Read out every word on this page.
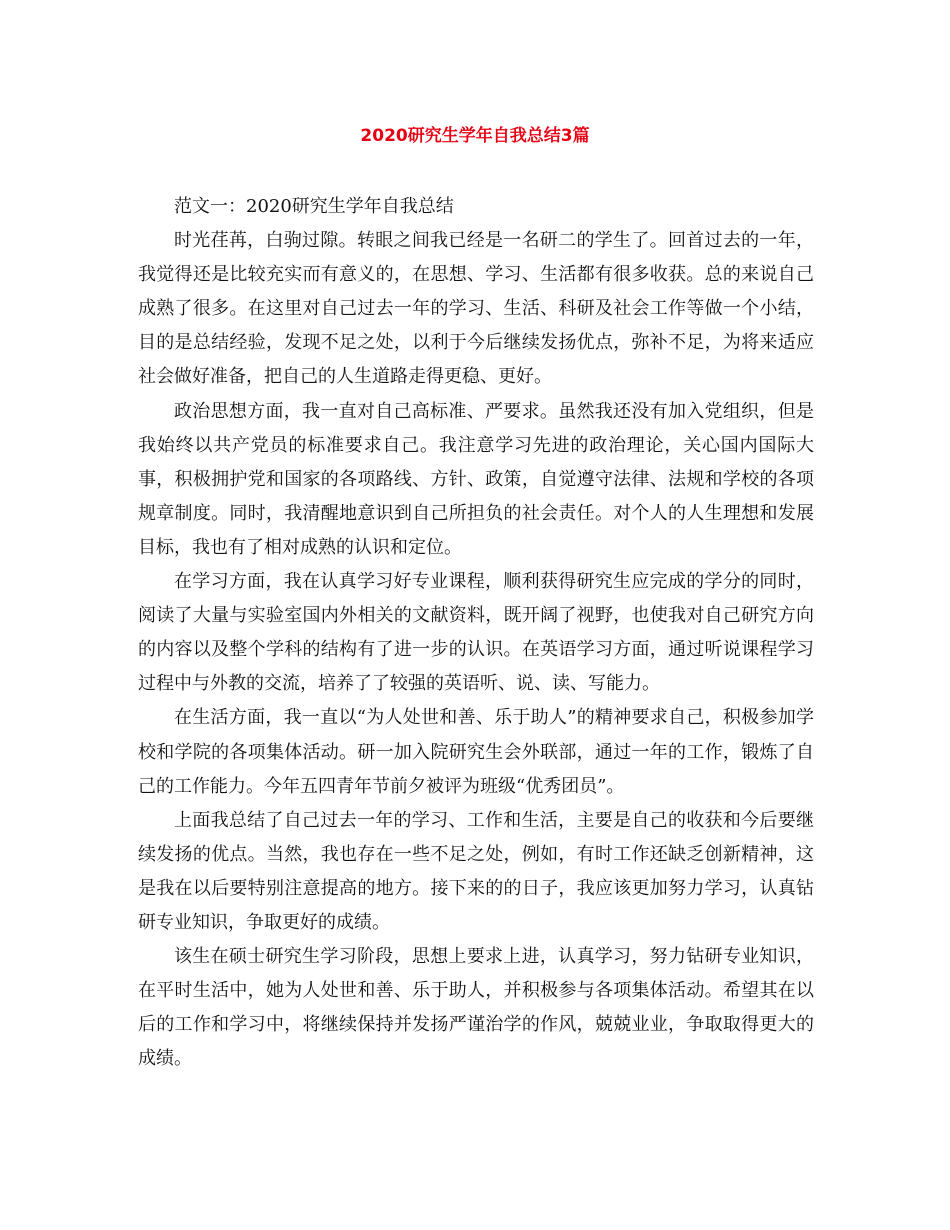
2020研究生学年自我总结3篇

范文一：2020研究生学年自我总结

时光荏苒，白驹过隙。转眼之间我已经是一名研二的学生了。回首过去的一年，我觉得还是比较充实而有意义的，在思想、学习、生活都有很多收获。总的来说自己成熟了很多。在这里对自己过去一年的学习、生活、科研及社会工作等做一个小结，目的是总结经验，发现不足之处，以利于今后继续发扬优点，弥补不足，为将来适应社会做好准备，把自己的人生道路走得更稳、更好。

政治思想方面，我一直对自己高标准、严要求。虽然我还没有加入党组织，但是我始终以共产党员的标准要求自己。我注意学习先进的政治理论，关心国内国际大事，积极拥护党和国家的各项路线、方针、政策，自觉遵守法律、法规和学校的各项规章制度。同时，我清醒地意识到自己所担负的社会责任。对个人的人生理想和发展目标，我也有了相对成熟的认识和定位。

在学习方面，我在认真学习好专业课程，顺利获得研究生应完成的学分的同时，阅读了大量与实验室国内外相关的文献资料，既开阔了视野，也使我对自己研究方向的内容以及整个学科的结构有了进一步的认识。在英语学习方面，通过听说课程学习过程中与外教的交流，培养了了较强的英语听、说、读、写能力。

在生活方面，我一直以“为人处世和善、乐于助人”的精神要求自己，积极参加学校和学院的各项集体活动。研一加入院研究生会外联部，通过一年的工作，锻炼了自己的工作能力。今年五四青年节前夕被评为班级“优秀团员”。

上面我总结了自己过去一年的学习、工作和生活，主要是自己的收获和今后要继续发扬的优点。当然，我也存在一些不足之处，例如，有时工作还缺乏创新精神，这是我在以后要特别注意提高的地方。接下来的的日子，我应该更加努力学习，认真钻研专业知识，争取更好的成绩。

该生在硕士研究生学习阶段，思想上要求上进，认真学习，努力钻研专业知识，在平时生活中，她为人处世和善、乐于助人，并积极参与各项集体活动。希望其在以后的工作和学习中，将继续保持并发扬严谨治学的作风，兢兢业业，争取取得更大的成绩。
